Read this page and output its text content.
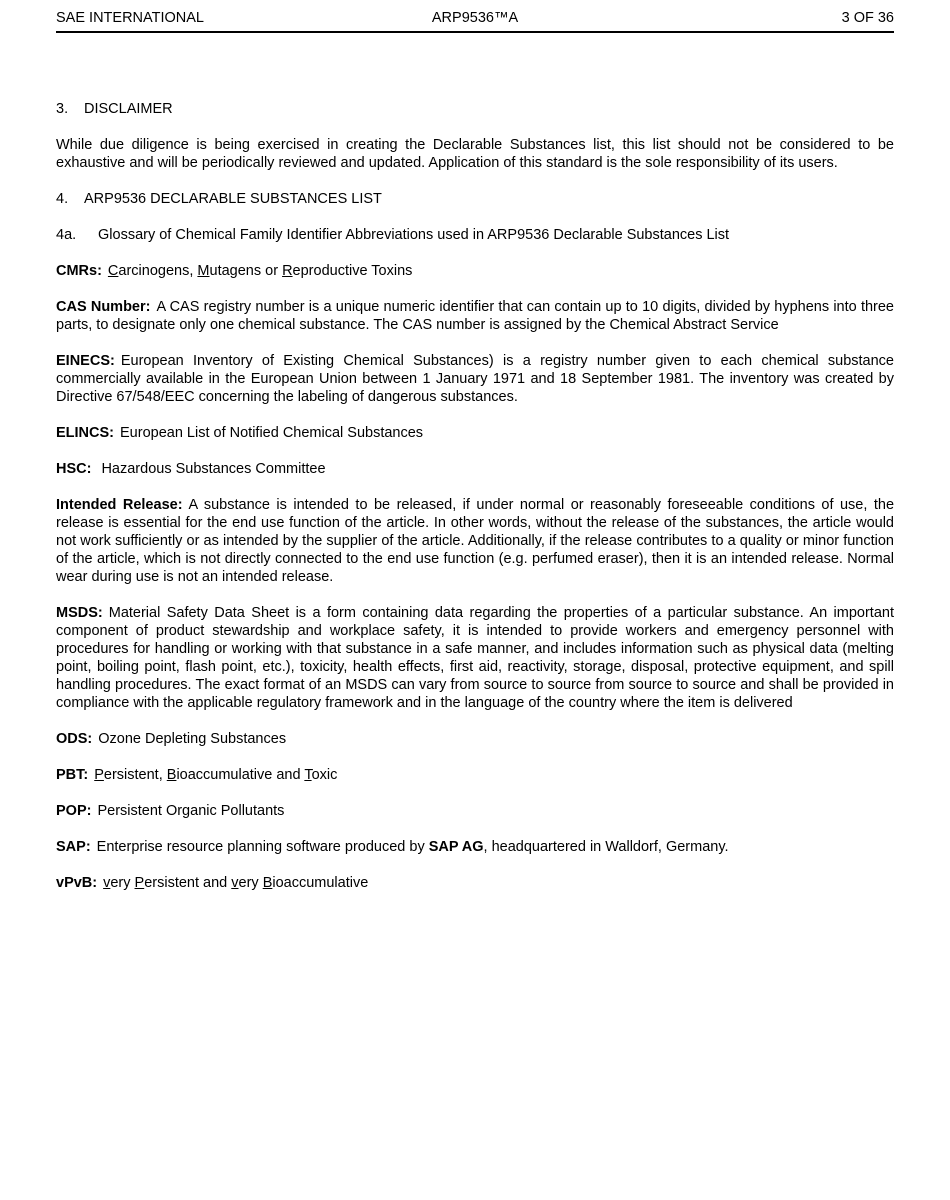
SAE INTERNATIONAL	ARP9536™A	3 OF 36

3. DISCLAIMER

While due diligence is being exercised in creating the Declarable Substances list, this list should not be considered to be exhaustive and will be periodically reviewed and updated. Application of this standard is the sole responsibility of its users.

4. ARP9536 DECLARABLE SUBSTANCES LIST

4a. Glossary of Chemical Family Identifier Abbreviations used in ARP9536 Declarable Substances List

CMRs: Carcinogens, Mutagens or Reproductive Toxins

CAS Number: A CAS registry number is a unique numeric identifier that can contain up to 10 digits, divided by hyphens into three parts, to designate only one chemical substance. The CAS number is assigned by the Chemical Abstract Service

EINECS: European Inventory of Existing Chemical Substances) is a registry number given to each chemical substance commercially available in the European Union between 1 January 1971 and 18 September 1981. The inventory was created by Directive 67/548/EEC concerning the labeling of dangerous substances.

ELINCS: European List of Notified Chemical Substances

HSC: Hazardous Substances Committee

Intended Release: A substance is intended to be released, if under normal or reasonably foreseeable conditions of use, the release is essential for the end use function of the article. In other words, without the release of the substances, the article would not work sufficiently or as intended by the supplier of the article. Additionally, if the release contributes to a quality or minor function of the article, which is not directly connected to the end use function (e.g. perfumed eraser), then it is an intended release. Normal wear during use is not an intended release.

MSDS: Material Safety Data Sheet is a form containing data regarding the properties of a particular substance. An important component of product stewardship and workplace safety, it is intended to provide workers and emergency personnel with procedures for handling or working with that substance in a safe manner, and includes information such as physical data (melting point, boiling point, flash point, etc.), toxicity, health effects, first aid, reactivity, storage, disposal, protective equipment, and spill handling procedures. The exact format of an MSDS can vary from source to source from source to source and shall be provided in compliance with the applicable regulatory framework and in the language of the country where the item is delivered

ODS: Ozone Depleting Substances

PBT: Persistent, Bioaccumulative and Toxic

POP: Persistent Organic Pollutants

SAP: Enterprise resource planning software produced by SAP AG, headquartered in Walldorf, Germany.

vPvB: very Persistent and very Bioaccumulative
